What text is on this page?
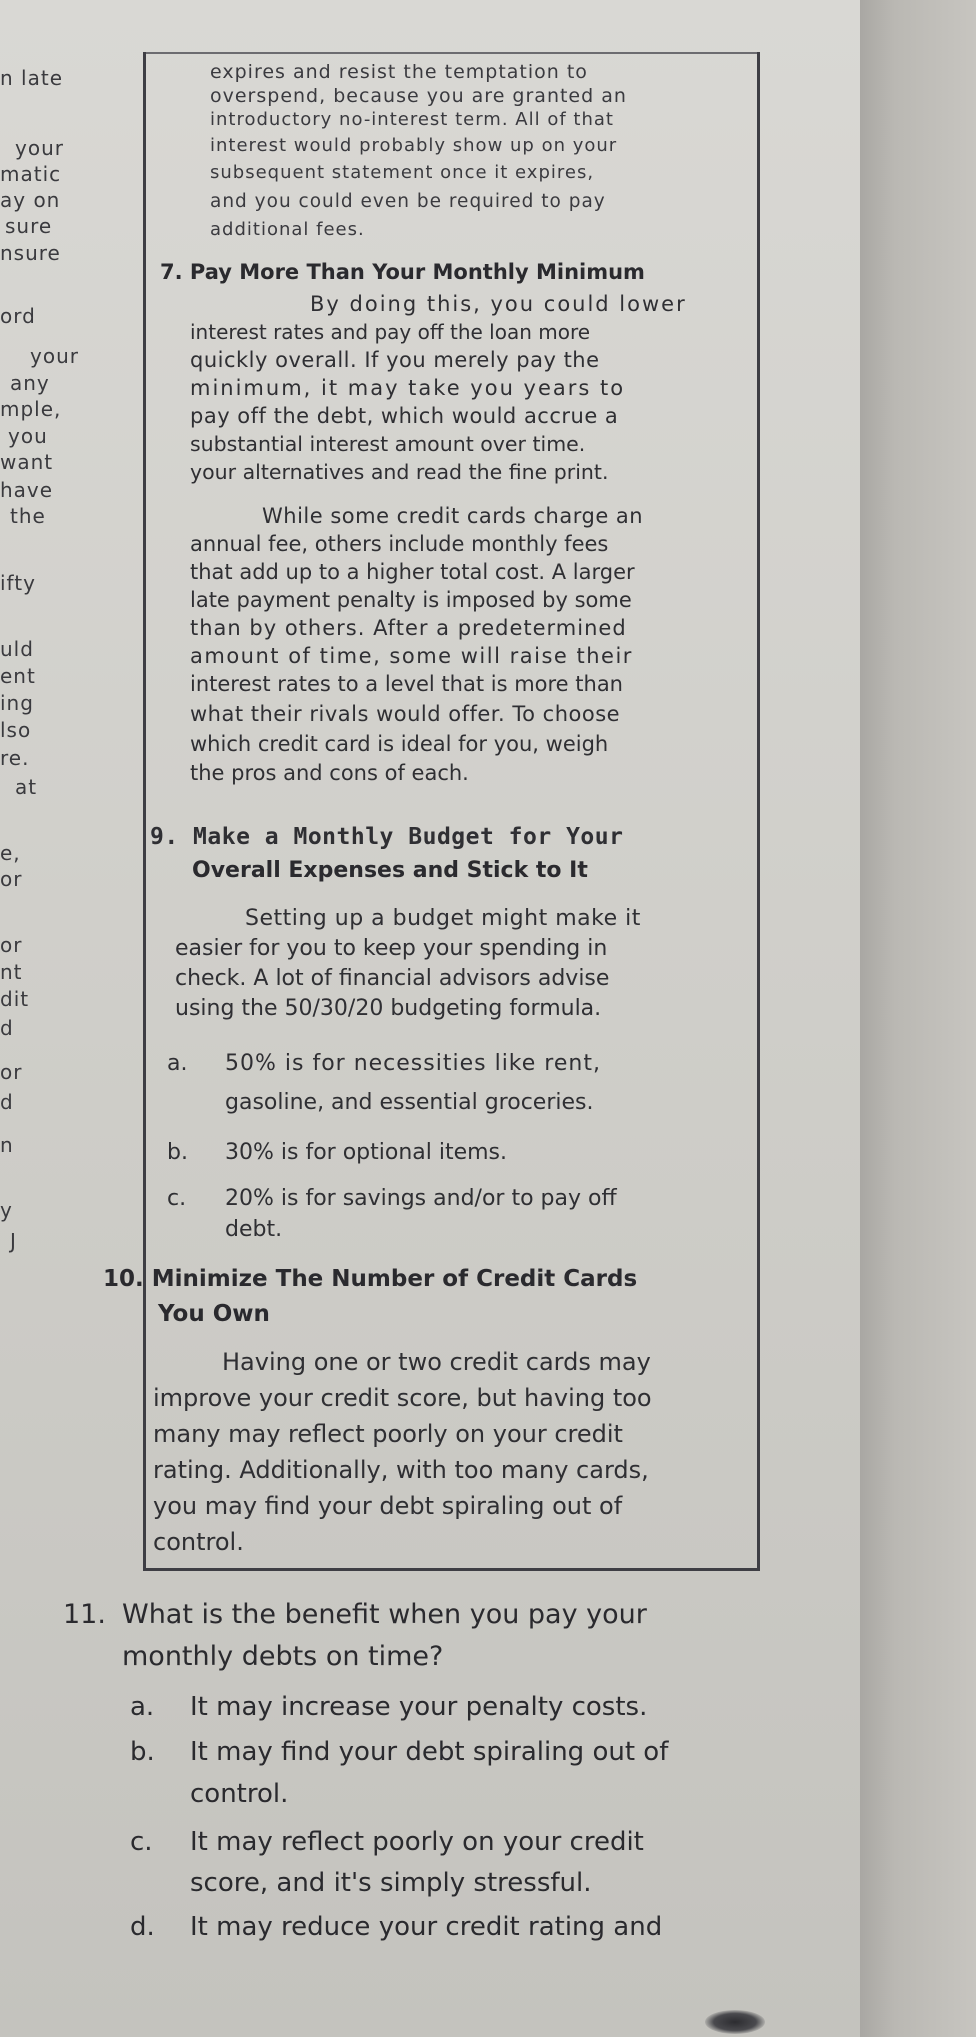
n late
your
matic
ay on
sure
nsure
ord
your
any
mple,
you
want
have
the
ifty
uld
ent
ing
lso
re.
at
e,
or
or
nt
dit
d
or
d
n
y
J
expires and resist the temptation to
overspend, because you are granted an
introductory no-interest term. All of that
interest would probably show up on your
subsequent statement once it expires,
and you could even be required to pay
additional fees.
7. Pay More Than Your Monthly Minimum
By doing this, you could lower
interest rates and pay off the loan more
quickly overall. If you merely pay the
minimum, it may take you years to
pay off the debt, which would accrue a
substantial interest amount over time.
your alternatives and read the fine print.
While some credit cards charge an
annual fee, others include monthly fees
that add up to a higher total cost. A larger
late payment penalty is imposed by some
than by others. After a predetermined
amount of time, some will raise their
interest rates to a level that is more than
what their rivals would offer. To choose
which credit card is ideal for you, weigh
the pros and cons of each.
9. Make a Monthly Budget for Your
Overall Expenses and Stick to It
Setting up a budget might make it
easier for you to keep your spending in
check. A lot of financial advisors advise
using the 50/30/20 budgeting formula.
a. 50% is for necessities like rent,
gasoline, and essential groceries.
b. 30% is for optional items.
c. 20% is for savings and/or to pay off
debt.
10. Minimize The Number of Credit Cards
You Own
Having one or two credit cards may
improve your credit score, but having too
many may reflect poorly on your credit
rating. Additionally, with too many cards,
you may find your debt spiraling out of
control.
11. What is the benefit when you pay your
monthly debts on time?
a. It may increase your penalty costs.
b. It may find your debt spiraling out of
control.
c. It may reflect poorly on your credit
score, and it's simply stressful.
d. It may reduce your credit rating and
